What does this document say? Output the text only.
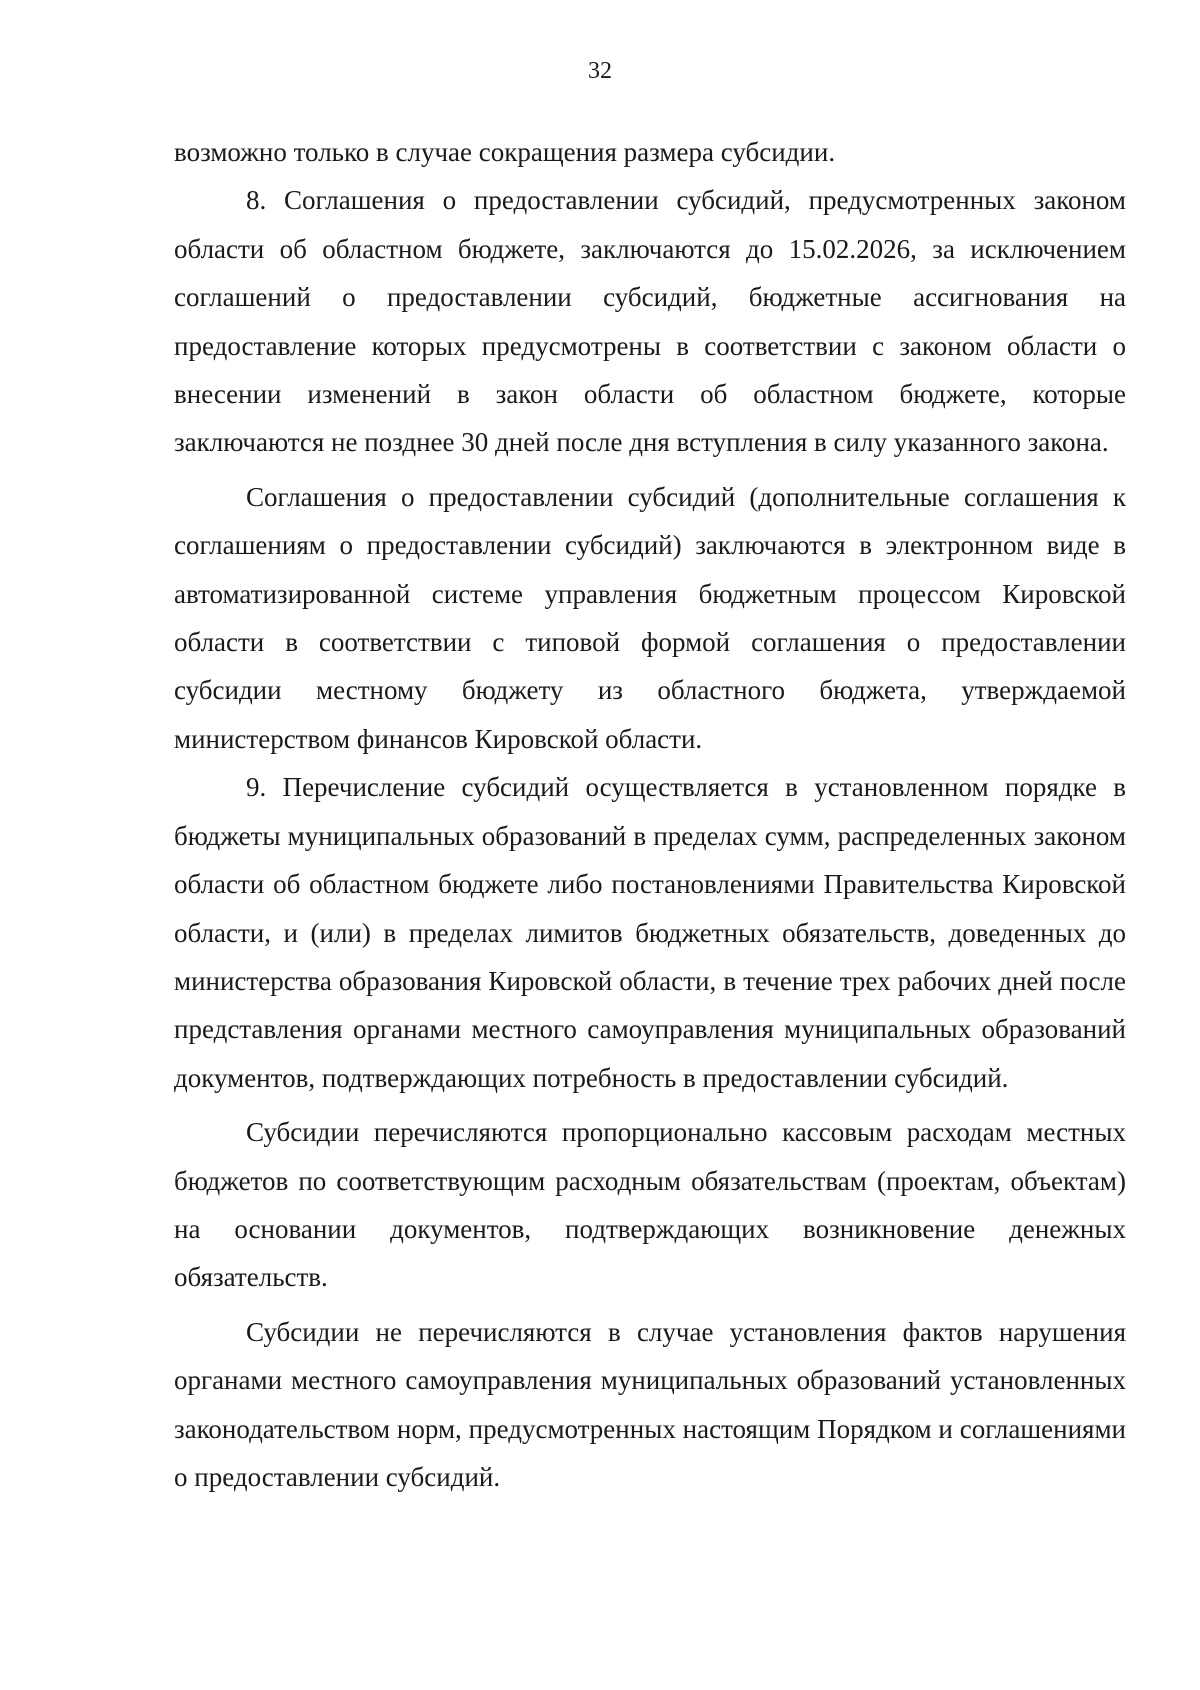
32

возможно только в случае сокращения размера субсидии.

8. Соглашения о предоставлении субсидий, предусмотренных законом области об областном бюджете, заключаются до 15.02.2026, за исключением соглашений о предоставлении субсидий, бюджетные ассигнования на предоставление которых предусмотрены в соответствии с законом области о внесении изменений в закон области об областном бюджете, которые заключаются не позднее 30 дней после дня вступления в силу указанного закона.

Соглашения о предоставлении субсидий (дополнительные соглашения к соглашениям о предоставлении субсидий) заключаются в электронном виде в автоматизированной системе управления бюджетным процессом Кировской области в соответствии с типовой формой соглашения о предоставлении субсидии местному бюджету из областного бюджета, утверждаемой министерством финансов Кировской области.

9. Перечисление субсидий осуществляется в установленном порядке в бюджеты муниципальных образований в пределах сумм, распределенных законом области об областном бюджете либо постановлениями Правительства Кировской области, и (или) в пределах лимитов бюджетных обязательств, доведенных до министерства образования Кировской области, в течение трех рабочих дней после представления органами местного самоуправления муниципальных образований документов, подтверждающих потребность в предоставлении субсидий.

Субсидии перечисляются пропорционально кассовым расходам местных бюджетов по соответствующим расходным обязательствам (проектам, объектам) на основании документов, подтверждающих возникновение денежных обязательств.

Субсидии не перечисляются в случае установления фактов нарушения органами местного самоуправления муниципальных образований установленных законодательством норм, предусмотренных настоящим Порядком и соглашениями о предоставлении субсидий.
